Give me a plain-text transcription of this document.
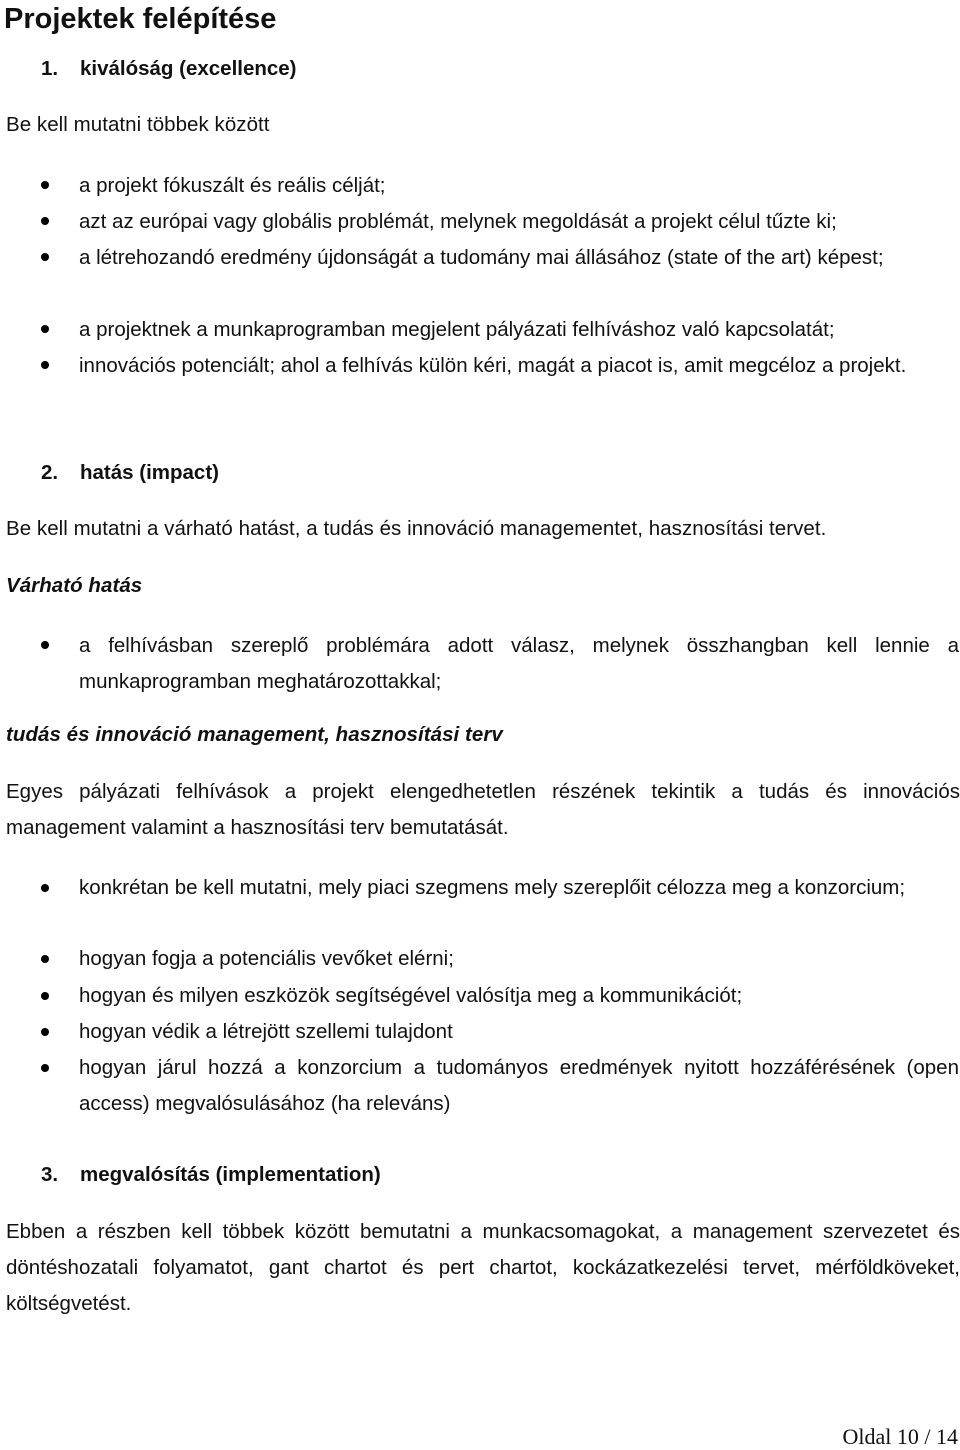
Projektek felépítése
1. kiválóság (excellence)
Be kell mutatni többek között
a projekt fókuszált és reális célját;
azt az európai vagy globális problémát, melynek megoldását a projekt célul tűzte ki;
a létrehozandó eredmény újdonságát a tudomány mai állásához (state of the art) képest;
a projektnek a munkaprogramban megjelent pályázati felhíváshoz való kapcsolatát;
innovációs potenciált; ahol a felhívás külön kéri, magát a piacot is, amit megcéloz a projekt.
2. hatás (impact)
Be kell mutatni a várható hatást, a tudás és innováció managementet, hasznosítási tervet.
Várható hatás
a felhívásban szereplő problémára adott válasz, melynek összhangban kell lennie a munkaprogramban meghatározottakkal;
tudás és innováció management, hasznosítási terv
Egyes pályázati felhívások a projekt elengedhetetlen részének tekintik a tudás és innovációs management valamint a hasznosítási terv bemutatását.
konkrétan be kell mutatni, mely piaci szegmens mely szereplőit célozza meg a konzorcium;
hogyan fogja a potenciális vevőket elérni;
hogyan és milyen eszközök segítségével valósítja meg a kommunikációt;
hogyan védik a létrejött szellemi tulajdont
hogyan járul hozzá a konzorcium a tudományos eredmények nyitott hozzáférésének (open access) megvalósulásához (ha releváns)
3. megvalósítás (implementation)
Ebben a részben kell többek között bemutatni a munkacsomagokat, a management szervezetet és döntéshozatali folyamatot, gant chartot és pert chartot, kockázatkezelési tervet, mérföldköveket, költségvetést.
Oldal 10 / 14
